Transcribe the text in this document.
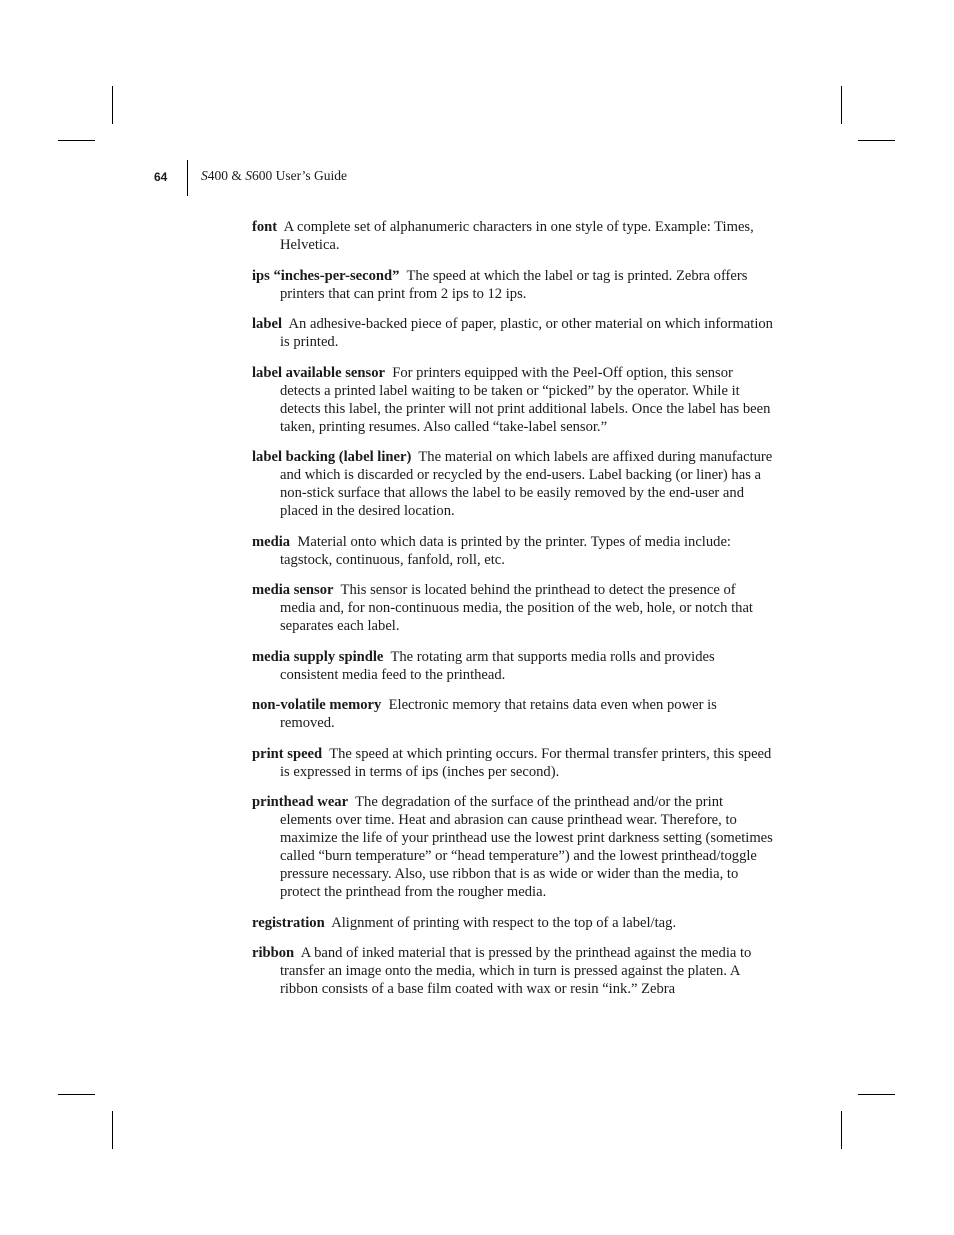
64 S400 & S600 User’s Guide

font A complete set of alphanumeric characters in one style of type. Example: Times, Helvetica.

ips “inches-per-second” The speed at which the label or tag is printed. Zebra offers printers that can print from 2 ips to 12 ips.

label An adhesive-backed piece of paper, plastic, or other material on which information is printed.

label available sensor For printers equipped with the Peel-Off option, this sensor detects a printed label waiting to be taken or “picked” by the operator. While it detects this label, the printer will not print additional labels. Once the label has been taken, printing resumes. Also called “take-label sensor.”

label backing (label liner) The material on which labels are affixed during manufacture and which is discarded or recycled by the end-users. Label backing (or liner) has a non-stick surface that allows the label to be easily removed by the end-user and placed in the desired location.

media Material onto which data is printed by the printer. Types of media include: tagstock, continuous, fanfold, roll, etc.

media sensor This sensor is located behind the printhead to detect the presence of media and, for non-continuous media, the position of the web, hole, or notch that separates each label.

media supply spindle The rotating arm that supports media rolls and provides consistent media feed to the printhead.

non-volatile memory Electronic memory that retains data even when power is removed.

print speed The speed at which printing occurs. For thermal transfer printers, this speed is expressed in terms of ips (inches per second).

printhead wear The degradation of the surface of the printhead and/or the print elements over time. Heat and abrasion can cause printhead wear. Therefore, to maximize the life of your printhead use the lowest print darkness setting (sometimes called “burn temperature” or “head temperature”) and the lowest printhead/toggle pressure necessary. Also, use ribbon that is as wide or wider than the media, to protect the printhead from the rougher media.

registration Alignment of printing with respect to the top of a label/tag.

ribbon A band of inked material that is pressed by the printhead against the media to transfer an image onto the media, which in turn is pressed against the platen. A ribbon consists of a base film coated with wax or resin “ink.” Zebra
